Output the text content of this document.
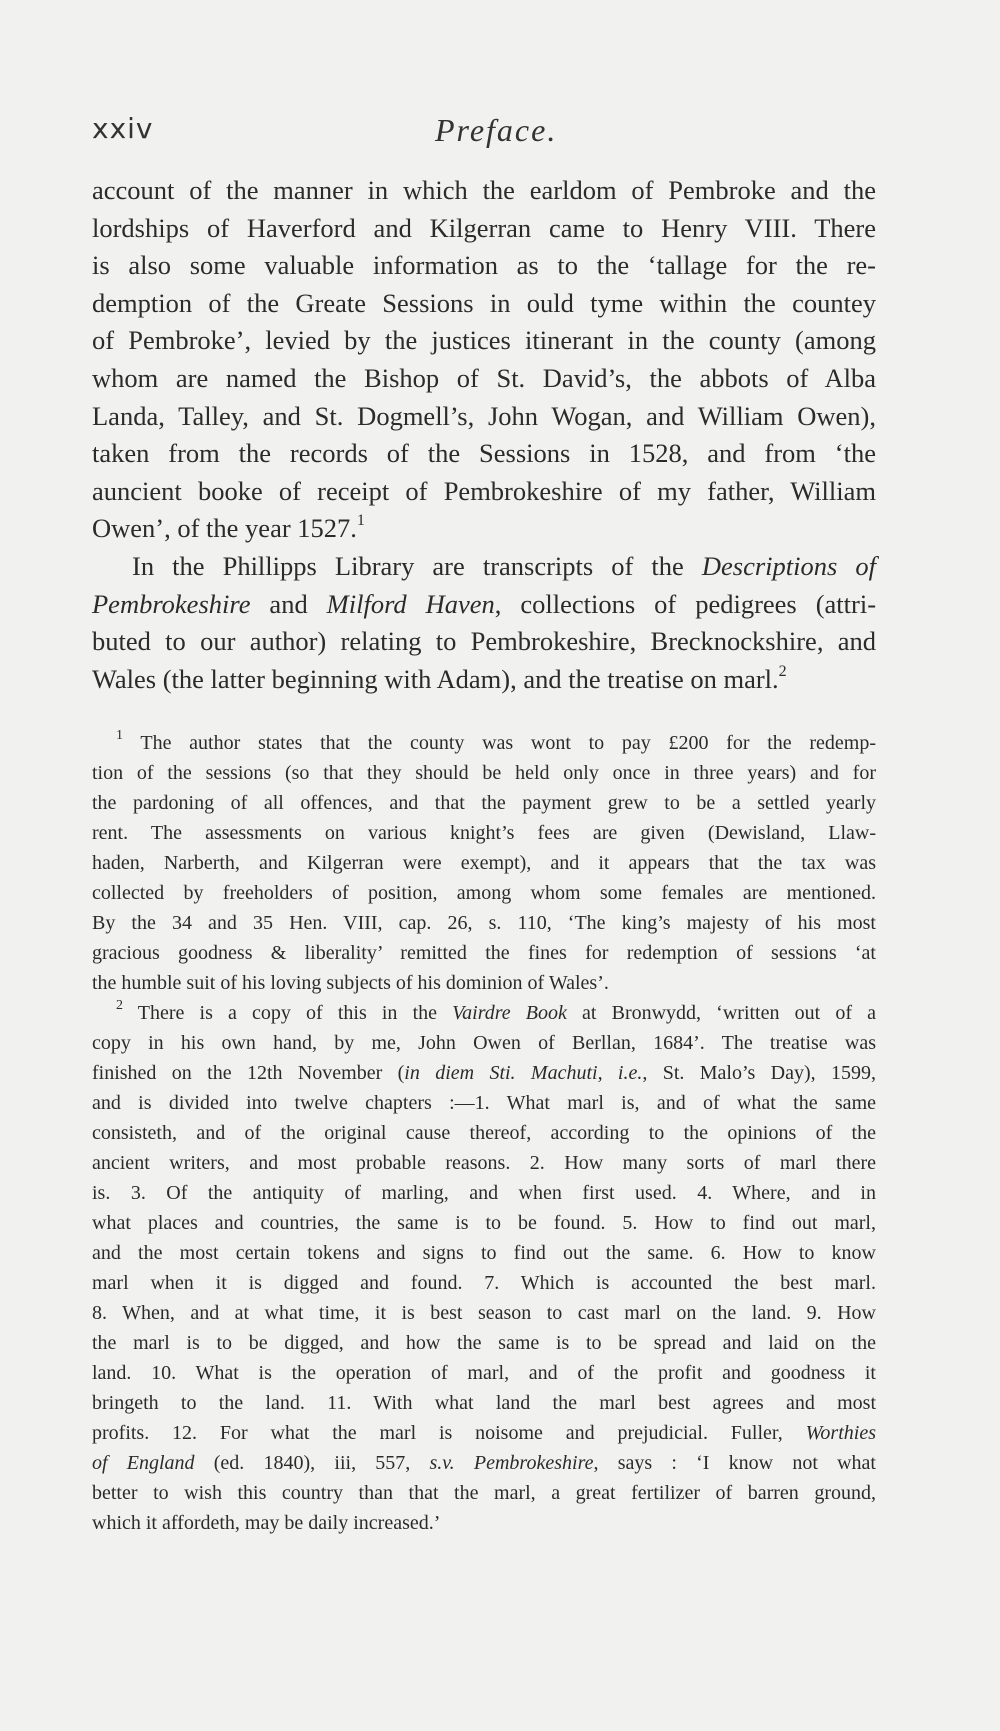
xxiv	Preface.
account of the manner in which the earldom of Pembroke and the
lordships of Haverford and Kilgerran came to Henry VIII. There
is also some valuable information as to the ‘tallage for the re-
demption of the Greate Sessions in ould tyme within the countey
of Pembroke’, levied by the justices itinerant in the county (among
whom are named the Bishop of St. David’s, the abbots of Alba
Landa, Talley, and St. Dogmell’s, John Wogan, and William Owen),
taken from the records of the Sessions in 1528, and from ‘the
auncient booke of receipt of Pembrokeshire of my father, William
Owen’, of the year 1527.$^1$
In the Phillipps Library are transcripts of the Descriptions of
Pembrokeshire and Milford Haven, collections of pedigrees (attri-
buted to our author) relating to Pembrokeshire, Brecknockshire, and
Wales (the latter beginning with Adam), and the treatise on marl.$^2$
$^1$ The author states that the county was wont to pay £200 for the redemp-
tion of the sessions (so that they should be held only once in three years) and for
the pardoning of all offences, and that the payment grew to be a settled yearly
rent. The assessments on various knight’s fees are given (Dewisland, Llaw-
haden, Narberth, and Kilgerran were exempt), and it appears that the tax was
collected by freeholders of position, among whom some females are mentioned.
By the 34 and 35 Hen. VIII, cap. 26, s. 110, ‘The king’s majesty of his most
gracious goodness & liberality’ remitted the fines for redemption of sessions ‘at
the humble suit of his loving subjects of his dominion of Wales’.
$^2$ There is a copy of this in the Vairdre Book at Bronwydd, ‘written out of a
copy in his own hand, by me, John Owen of Berllan, 1684’. The treatise was
finished on the 12th November (in diem Sti. Machuti, i.e., St. Malo’s Day), 1599,
and is divided into twelve chapters :—1. What marl is, and of what the same
consisteth, and of the original cause thereof, according to the opinions of the
ancient writers, and most probable reasons. 2. How many sorts of marl there
is. 3. Of the antiquity of marling, and when first used. 4. Where, and in
what places and countries, the same is to be found. 5. How to find out marl,
and the most certain tokens and signs to find out the same. 6. How to know
marl when it is digged and found. 7. Which is accounted the best marl.
8. When, and at what time, it is best season to cast marl on the land. 9. How
the marl is to be digged, and how the same is to be spread and laid on the
land. 10. What is the operation of marl, and of the profit and goodness it
bringeth to the land. 11. With what land the marl best agrees and most
profits. 12. For what the marl is noisome and prejudicial. Fuller, Worthies
of England (ed. 1840), iii, 557, s.v. Pembrokeshire, says : ‘I know not what
better to wish this country than that the marl, a great fertilizer of barren ground,
which it affordeth, may be daily increased.’
